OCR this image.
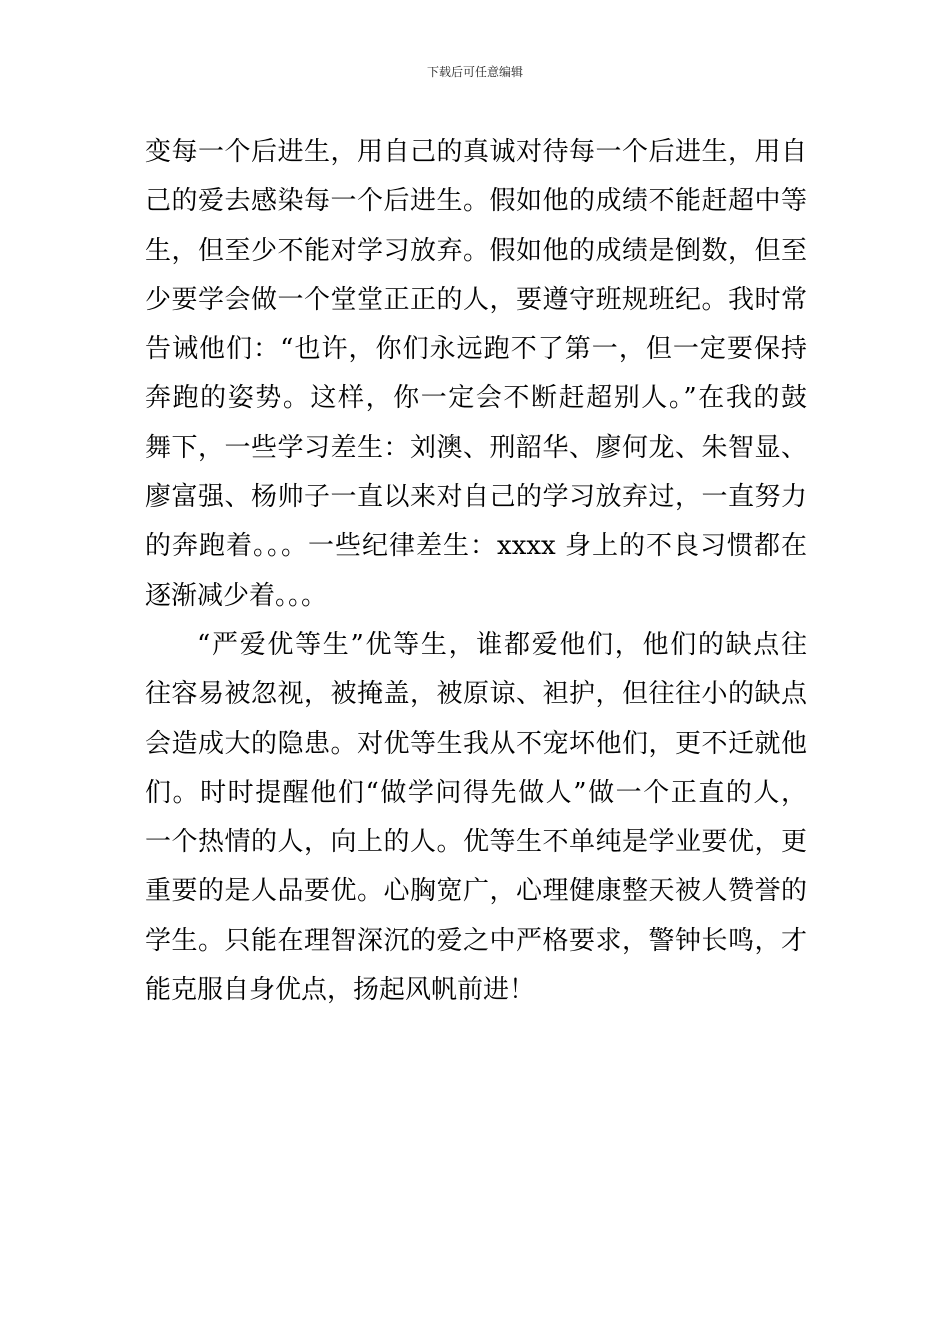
下载后可任意编辑
变每一个后进生，用自己的真诚对待每一个后进生，用自
己的爱去感染每一个后进生。假如他的成绩不能赶超中等
生，但至少不能对学习放弃。假如他的成绩是倒数，但至
少要学会做一个堂堂正正的人，要遵守班规班纪。我时常
告诫他们：“也许，你们永远跑不了第一，但一定要保持
奔跑的姿势。这样，你一定会不断赶超别人。”在我的鼓
舞下，一些学习差生：刘澳、刑韶华、廖何龙、朱智显、
廖富强、杨帅子一直以来对自己的学习放弃过，一直努力
的奔跑着。。。一些纪律差生：xxxx 身上的不良习惯都在
逐渐减少着。。。
“严爱优等生”优等生，谁都爱他们，他们的缺点往
往容易被忽视，被掩盖，被原谅、袒护，但往往小的缺点
会造成大的隐患。对优等生我从不宠坏他们，更不迁就他
们。时时提醒他们“做学问得先做人”做一个正直的人，
一个热情的人，向上的人。优等生不单纯是学业要优，更
重要的是人品要优。心胸宽广，心理健康整天被人赞誉的
学生。只能在理智深沉的爱之中严格要求，警钟长鸣，才
能克服自身优点，扬起风帆前进！
